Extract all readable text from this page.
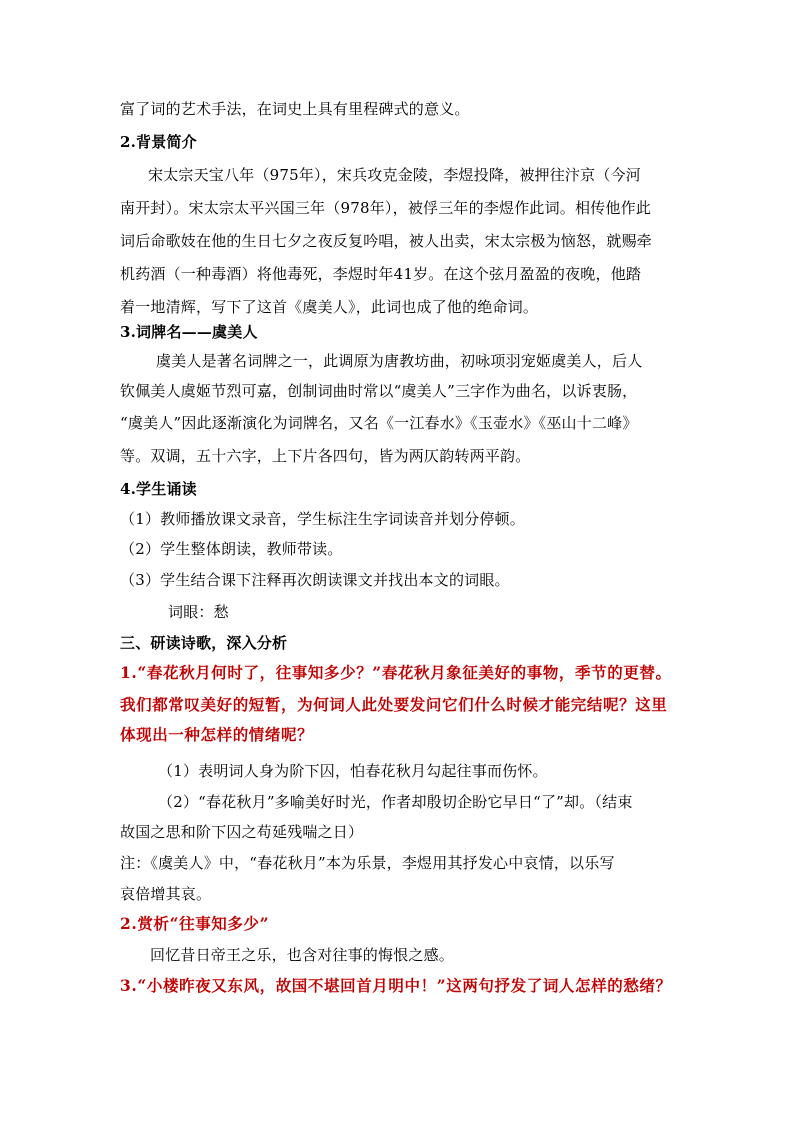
富了词的艺术手法，在词史上具有里程碑式的意义。
2.背景简介
宋太宗天宝八年（975年），宋兵攻克金陵，李煜投降，被押往汴京（今河
南开封）。宋太宗太平兴国三年（978年），被俘三年的李煜作此词。相传他作此
词后命歌妓在他的生日七夕之夜反复吟唱，被人出卖，宋太宗极为恼怒，就赐牵
机药酒（一种毒酒）将他毒死，李煜时年41岁。在这个弦月盈盈的夜晚，他踏
着一地清辉，写下了这首《虞美人》，此词也成了他的绝命词。
3.词牌名——虞美人
虞美人是著名词牌之一，此调原为唐教坊曲，初咏项羽宠姬虞美人，后人
钦佩美人虞姬节烈可嘉，创制词曲时常以“虞美人”三字作为曲名，以诉衷肠，
“虞美人”因此逐渐演化为词牌名，又名《一江春水》《玉壶水》《巫山十二峰》
等。双调，五十六字，上下片各四句，皆为两仄韵转两平韵。
4.学生诵读
（1）教师播放课文录音，学生标注生字词读音并划分停顿。
（2）学生整体朗读，教师带读。
（3）学生结合课下注释再次朗读课文并找出本文的词眼。
词眼：愁
三、研读诗歌，深入分析
1.“春花秋月何时了，往事知多少？”春花秋月象征美好的事物，季节的更替。
我们都常叹美好的短暂，为何词人此处要发问它们什么时候才能完结呢？这里
体现出一种怎样的情绪呢？
（1）表明词人身为阶下囚，怕春花秋月勾起往事而伤怀。
（2）“春花秋月”多喻美好时光，作者却殷切企盼它早日“了”却。（结束
故国之思和阶下囚之苟延残喘之日）
注：《虞美人》中，“春花秋月”本为乐景，李煜用其抒发心中哀情，以乐写
哀倍增其哀。
2.赏析“往事知多少”
回忆昔日帝王之乐，也含对往事的悔恨之感。
3.“小楼昨夜又东风，故国不堪回首月明中！”这两句抒发了词人怎样的愁绪？
